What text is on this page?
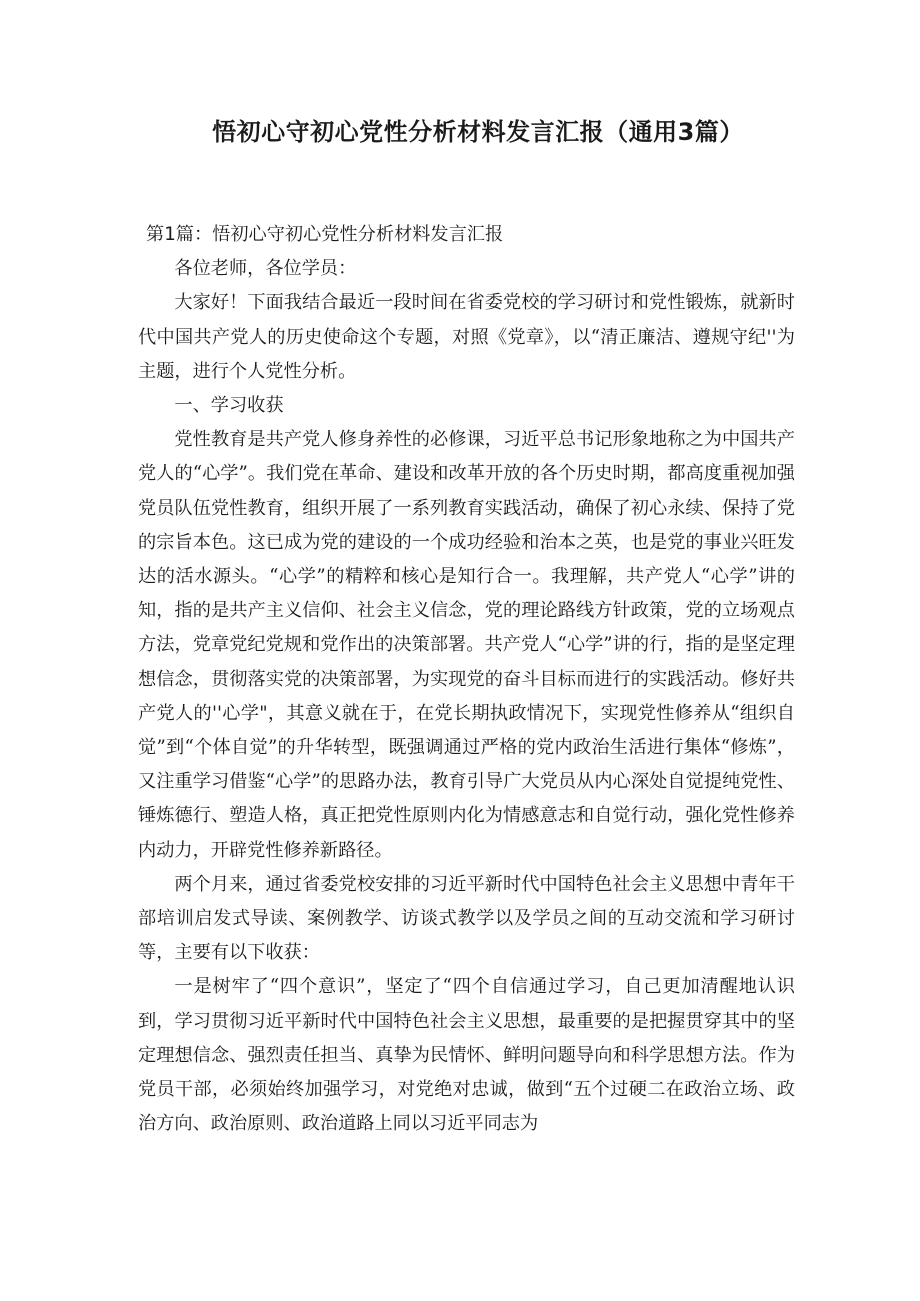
悟初心守初心党性分析材料发言汇报（通用3篇）

第1篇：悟初心守初心党性分析材料发言汇报

各位老师，各位学员：

大家好！下面我结合最近一段时间在省委党校的学习研讨和党性锻炼，就新时代中国共产党人的历史使命这个专题，对照《党章》，以“清正廉洁、遵规守纪''为主题，进行个人党性分析。

一、学习收获

党性教育是共产党人修身养性的必修课，习近平总书记形象地称之为中国共产党人的“心学”。我们党在革命、建设和改革开放的各个历史时期，都高度重视加强党员队伍党性教育，组织开展了一系列教育实践活动，确保了初心永续、保持了党的宗旨本色。这已成为党的建设的一个成功经验和治本之英，也是党的事业兴旺发达的活水源头。“心学”的精粹和核心是知行合一。我理解，共产党人“心学”讲的知，指的是共产主义信仰、社会主义信念，党的理论路线方针政策，党的立场观点方法，党章党纪党规和党作出的决策部署。共产党人“心学”讲的行，指的是坚定理想信念，贯彻落实党的决策部署，为实现党的奋斗目标而进行的实践活动。修好共产党人的''心学"，其意义就在于，在党长期执政情况下，实现党性修养从“组织自觉”到“个体自觉”的升华转型，既强调通过严格的党内政治生活进行集体“修炼”，又注重学习借鉴“心学”的思路办法，教育引导广大党员从内心深处自觉提纯党性、锤炼德行、塑造人格，真正把党性原则内化为情感意志和自觉行动，强化党性修养内动力，开辟党性修养新路径。

两个月来，通过省委党校安排的习近平新时代中国特色社会主义思想中青年干部培训启发式导读、案例教学、访谈式教学以及学员之间的互动交流和学习研讨等，主要有以下收获：

一是树牢了“四个意识”，坚定了“四个自信通过学习，自己更加清醒地认识到，学习贯彻习近平新时代中国特色社会主义思想，最重要的是把握贯穿其中的坚定理想信念、强烈责任担当、真挚为民情怀、鲜明问题导向和科学思想方法。作为党员干部，必须始终加强学习，对党绝对忠诚，做到“五个过硬二在政治立场、政治方向、政治原则、政治道路上同以习近平同志为
